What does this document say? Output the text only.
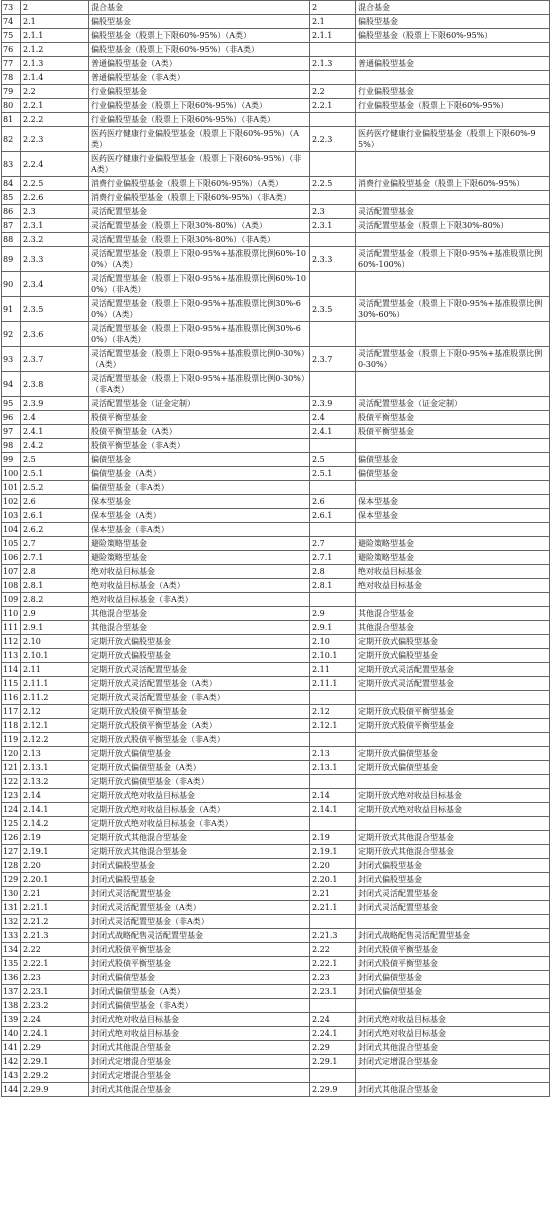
73	2	混合基金	2	混合基金
74	2.1	偏股型基金	2.1	偏股型基金
75	2.1.1	偏股型基金（股票上下限60%-95%）（A类）	2.1.1	偏股型基金（股票上下限60%-95%）
76	2.1.2	偏股型基金（股票上下限60%-95%）（非A类）		
77	2.1.3	普通偏股型基金（A类）	2.1.3	普通偏股型基金
78	2.1.4	普通偏股型基金（非A类）		
79	2.2	行业偏股型基金	2.2	行业偏股型基金
80	2.2.1	行业偏股型基金（股票上下限60%-95%）（A类）	2.2.1	行业偏股型基金（股票上下限60%-95%）
81	2.2.2	行业偏股型基金（股票上下限60%-95%）（非A类）		
82	2.2.3	医药医疗健康行业偏股型基金（股票上下限60%-95%）（A类）	2.2.3	医药医疗健康行业偏股型基金（股票上下限60%-95%）
83	2.2.4	医药医疗健康行业偏股型基金（股票上下限60%-95%）（非A类）		
84	2.2.5	消费行业偏股型基金（股票上下限60%-95%）（A类）	2.2.5	消费行业偏股型基金（股票上下限60%-95%）
85	2.2.6	消费行业偏股型基金（股票上下限60%-95%）（非A类）		
86	2.3	灵活配置型基金	2.3	灵活配置型基金
87	2.3.1	灵活配置型基金（股票上下限30%-80%）（A类）	2.3.1	灵活配置型基金（股票上下限30%-80%）
88	2.3.2	灵活配置型基金（股票上下限30%-80%）（非A类）		
89	2.3.3	灵活配置型基金（股票上下限0-95%+基准股票比例60%-100%）（A类）	2.3.3	灵活配置型基金（股票上下限0-95%+基准股票比例60%-100%）
90	2.3.4	灵活配置型基金（股票上下限0-95%+基准股票比例60%-100%）（非A类）		
91	2.3.5	灵活配置型基金（股票上下限0-95%+基准股票比例30%-60%）（A类）	2.3.5	灵活配置型基金（股票上下限0-95%+基准股票比例30%-60%）
92	2.3.6	灵活配置型基金（股票上下限0-95%+基准股票比例30%-60%）（非A类）		
93	2.3.7	灵活配置型基金（股票上下限0-95%+基准股票比例0-30%）（A类）	2.3.7	灵活配置型基金（股票上下限0-95%+基准股票比例0-30%）
94	2.3.8	灵活配置型基金（股票上下限0-95%+基准股票比例0-30%）（非A类）		
95	2.3.9	灵活配置型基金（证金定制）	2.3.9	灵活配置型基金（证金定制）
96	2.4	股债平衡型基金	2.4	股债平衡型基金
97	2.4.1	股债平衡型基金（A类）	2.4.1	股债平衡型基金
98	2.4.2	股债平衡型基金（非A类）		
99	2.5	偏债型基金	2.5	偏债型基金
100	2.5.1	偏债型基金（A类）	2.5.1	偏债型基金
101	2.5.2	偏债型基金（非A类）		
102	2.6	保本型基金	2.6	保本型基金
103	2.6.1	保本型基金（A类）	2.6.1	保本型基金
104	2.6.2	保本型基金（非A类）		
105	2.7	避险策略型基金	2.7	避险策略型基金
106	2.7.1	避险策略型基金	2.7.1	避险策略型基金
107	2.8	绝对收益目标基金	2.8	绝对收益目标基金
108	2.8.1	绝对收益目标基金（A类）	2.8.1	绝对收益目标基金
109	2.8.2	绝对收益目标基金（非A类）		
110	2.9	其他混合型基金	2.9	其他混合型基金
111	2.9.1	其他混合型基金	2.9.1	其他混合型基金
112	2.10	定期开放式偏股型基金	2.10	定期开放式偏股型基金
113	2.10.1	定期开放式偏股型基金	2.10.1	定期开放式偏股型基金
114	2.11	定期开放式灵活配置型基金	2.11	定期开放式灵活配置型基金
115	2.11.1	定期开放式灵活配置型基金（A类）	2.11.1	定期开放式灵活配置型基金
116	2.11.2	定期开放式灵活配置型基金（非A类）		
117	2.12	定期开放式股债平衡型基金	2.12	定期开放式股债平衡型基金
118	2.12.1	定期开放式股债平衡型基金（A类）	2.12.1	定期开放式股债平衡型基金
119	2.12.2	定期开放式股债平衡型基金（非A类）		
120	2.13	定期开放式偏债型基金	2.13	定期开放式偏债型基金
121	2.13.1	定期开放式偏债型基金（A类）	2.13.1	定期开放式偏债型基金
122	2.13.2	定期开放式偏债型基金（非A类）		
123	2.14	定期开放式绝对收益目标基金	2.14	定期开放式绝对收益目标基金
124	2.14.1	定期开放式绝对收益目标基金（A类）	2.14.1	定期开放式绝对收益目标基金
125	2.14.2	定期开放式绝对收益目标基金（非A类）		
126	2.19	定期开放式其他混合型基金	2.19	定期开放式其他混合型基金
127	2.19.1	定期开放式其他混合型基金	2.19.1	定期开放式其他混合型基金
128	2.20	封闭式偏股型基金	2.20	封闭式偏股型基金
129	2.20.1	封闭式偏股型基金	2.20.1	封闭式偏股型基金
130	2.21	封闭式灵活配置型基金	2.21	封闭式灵活配置型基金
131	2.21.1	封闭式灵活配置型基金（A类）	2.21.1	封闭式灵活配置型基金
132	2.21.2	封闭式灵活配置型基金（非A类）		
133	2.21.3	封闭式战略配售灵活配置型基金	2.21.3	封闭式战略配售灵活配置型基金
134	2.22	封闭式股债平衡型基金	2.22	封闭式股债平衡型基金
135	2.22.1	封闭式股债平衡型基金	2.22.1	封闭式股债平衡型基金
136	2.23	封闭式偏债型基金	2.23	封闭式偏债型基金
137	2.23.1	封闭式偏债型基金（A类）	2.23.1	封闭式偏债型基金
138	2.23.2	封闭式偏债型基金（非A类）		
139	2.24	封闭式绝对收益目标基金	2.24	封闭式绝对收益目标基金
140	2.24.1	封闭式绝对收益目标基金	2.24.1	封闭式绝对收益目标基金
141	2.29	封闭式其他混合型基金	2.29	封闭式其他混合型基金
142	2.29.1	封闭式定增混合型基金	2.29.1	封闭式定增混合型基金
143	2.29.2	封闭式定增混合型基金		
144	2.29.9	封闭式其他混合型基金	2.29.9	封闭式其他混合型基金
